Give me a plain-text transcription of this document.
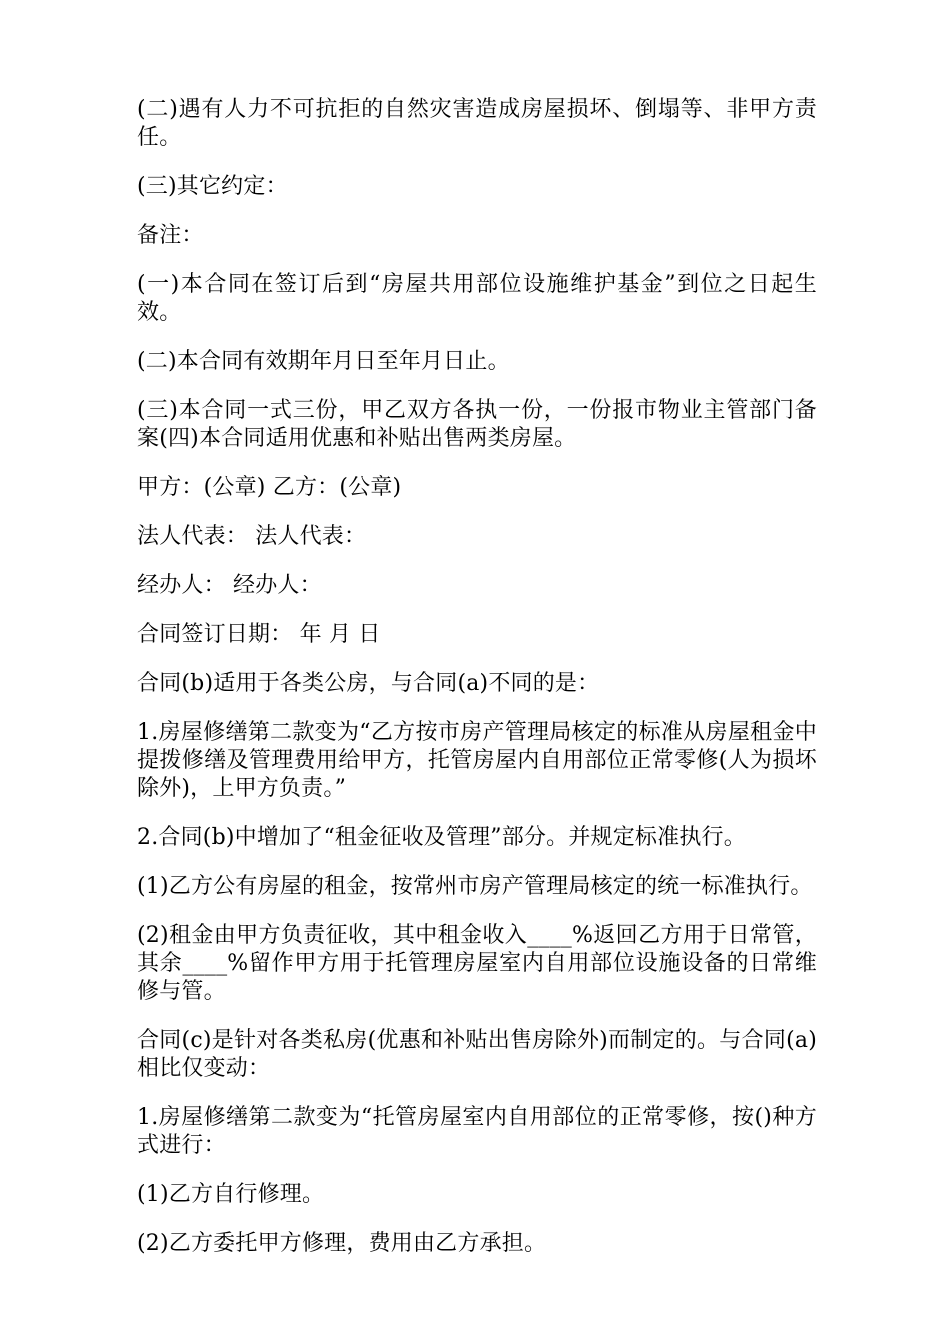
(二)遇有人力不可抗拒的自然灾害造成房屋损坏、倒塌等、非甲方责任。

(三)其它约定：

备注：

(一)本合同在签订后到“房屋共用部位设施维护基金”到位之日起生效。

(二)本合同有效期年月日至年月日止。

(三)本合同一式三份，甲乙双方各执一份，一份报市物业主管部门备案(四)本合同适用优惠和补贴出售两类房屋。

甲方：(公章) 乙方：(公章)

法人代表： 法人代表：

经办人： 经办人：

合同签订日期： 年 月 日

合同(b)适用于各类公房，与合同(a)不同的是：

1.房屋修缮第二款变为“乙方按市房产管理局核定的标准从房屋租金中提拨修缮及管理费用给甲方，托管房屋内自用部位正常零修(人为损坏除外)，上甲方负责。”

2.合同(b)中增加了“租金征收及管理”部分。并规定标准执行。

(1)乙方公有房屋的租金，按常州市房产管理局核定的统一标准执行。

(2)租金由甲方负责征收，其中租金收入____%返回乙方用于日常管，其余____%留作甲方用于托管理房屋室内自用部位设施设备的日常维修与管。

合同(c)是针对各类私房(优惠和补贴出售房除外)而制定的。与合同(a)相比仅变动：

1.房屋修缮第二款变为“托管房屋室内自用部位的正常零修，按()种方式进行：

(1)乙方自行修理。

(2)乙方委托甲方修理，费用由乙方承担。
